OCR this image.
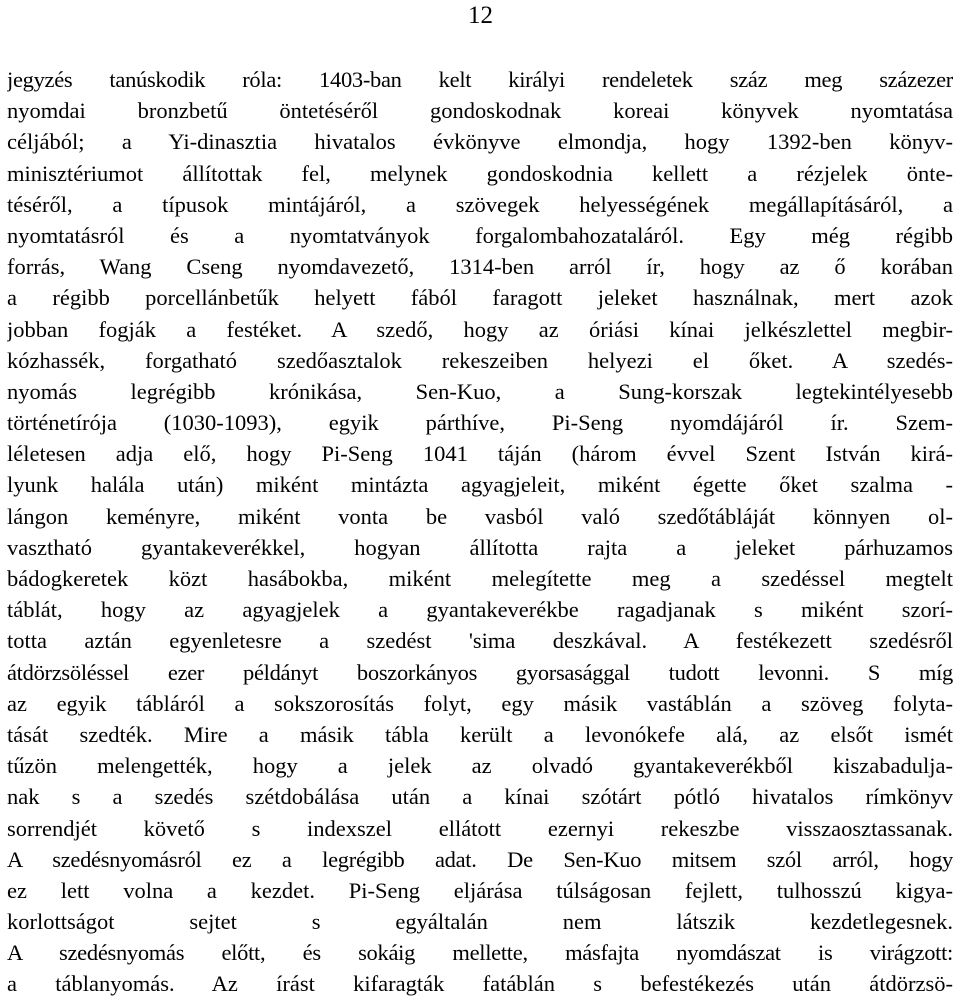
12
jegyzés tanúskodik róla: 1403-ban kelt királyi rendeletek száz meg százezer
nyomdai bronzbetű öntetéséről gondoskodnak koreai könyvek nyomtatása
céljából; a Yi-dinasztia hivatalos évkönyve elmondja, hogy 1392-ben könyv-
minisztériumot állítottak fel, melynek gondoskodnia kellett a rézjelek önte-
téséről, a típusok mintájáról, a szövegek helyességének megállapításáról, a
nyomtatásról és a nyomtatványok forgalombahozataláról. Egy még régibb
forrás, Wang Cseng nyomdavezető, 1314-ben arról ír, hogy az ő korában
a régibb porcellánbetűk helyett fából faragott jeleket használnak, mert azok
jobban fogják a festéket. A szedő, hogy az óriási kínai jelkészlettel megbir-
kózhassék, forgatható szedőasztalok rekeszeiben helyezi el őket. A szedés-
nyomás legrégibb krónikása, Sen-Kuo, a Sung-korszak legtekintélyesebb
történetírója (1030-1093), egyik párthíve, Pi-Seng nyomdájáról ír. Szem-
léletesen adja elő, hogy Pi-Seng 1041 táján (három évvel Szent István kirá-
lyunk halála után) miként mintázta agyagjeleit, miként égette őket szalma -
lángon keményre, miként vonta be vasból való szedőtábláját könnyen ol-
vasztható gyantakeverékkel, hogyan állította rajta a jeleket párhuzamos
bádogkeretek közt hasábokba, miként melegítette meg a szedéssel megtelt
táblát, hogy az agyagjelek a gyantakeverékbe ragadjanak s miként szorí-
totta aztán egyenletesre a szedést 'sima deszkával. A festékezett szedésről
átdörzsöléssel ezer példányt boszorkányos gyorsasággal tudott levonni. S míg
az egyik tábláról a sokszorosítás folyt, egy másik vastáblán a szöveg folyta-
tását szedték. Mire a másik tábla került a levonókefe alá, az elsőt ismét
tűzön melengették, hogy a jelek az olvadó gyantakeverékből kiszabadulja-
nak s a szedés szétdobálása után a kínai szótárt pótló hivatalos rímkönyv
sorrendjét követő s indexszel ellátott ezernyi rekeszbe visszaosztassanak.
A szedésnyomásról ez a legrégibb adat. De Sen-Kuo mitsem szól arról, hogy
ez lett volna a kezdet. Pi-Seng eljárása túlságosan fejlett, tulhosszú kigya-
korlottságot sejtet s egyáltalán nem látszik kezdetlegesnek.
A szedésnyomás előtt, és sokáig mellette, másfajta nyomdászat is virágzott:
a táblanyomás. Az írást kifaragták fatáblán s befestékezés után átdörzsö-
